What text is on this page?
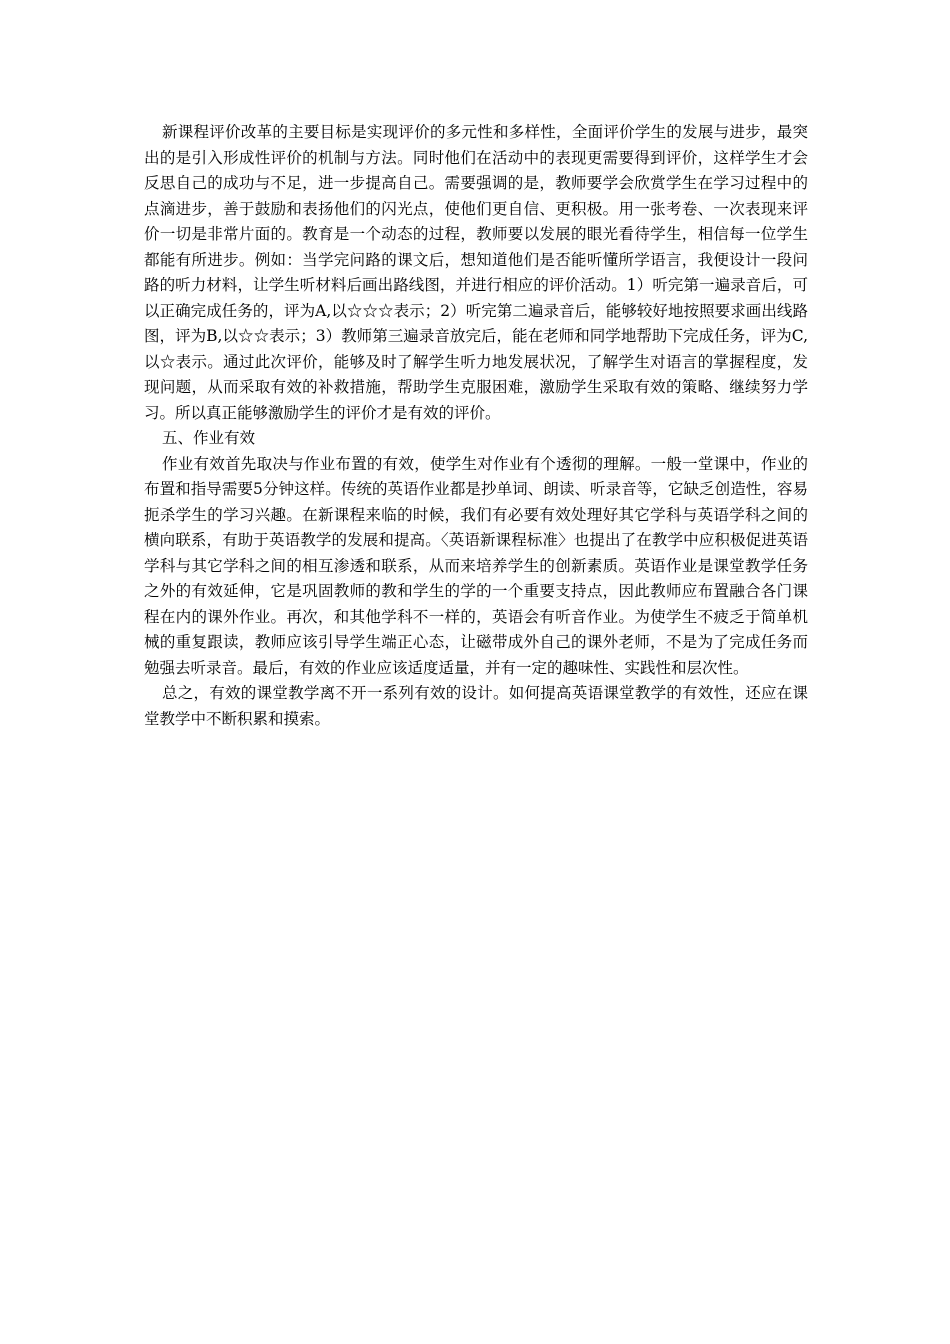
新课程评价改革的主要目标是实现评价的多元性和多样性，全面评价学生的发展与进步，最突出的是引入形成性评价的机制与方法。同时他们在活动中的表现更需要得到评价，这样学生才会反思自己的成功与不足，进一步提高自己。需要强调的是，教师要学会欣赏学生在学习过程中的点滴进步，善于鼓励和表扬他们的闪光点，使他们更自信、更积极。用一张考卷、一次表现来评价一切是非常片面的。教育是一个动态的过程，教师要以发展的眼光看待学生，相信每一位学生都能有所进步。例如：当学完问路的课文后，想知道他们是否能听懂所学语言，我便设计一段问路的听力材料，让学生听材料后画出路线图，并进行相应的评价活动。1）听完第一遍录音后，可以正确完成任务的，评为A,以☆☆☆表示；2）听完第二遍录音后，能够较好地按照要求画出线路图，评为B,以☆☆表示；3）教师第三遍录音放完后，能在老师和同学地帮助下完成任务，评为C,以☆表示。通过此次评价，能够及时了解学生听力地发展状况，了解学生对语言的掌握程度，发现问题，从而采取有效的补救措施，帮助学生克服困难，激励学生采取有效的策略、继续努力学习。所以真正能够激励学生的评价才是有效的评价。

五、作业有效

作业有效首先取决与作业布置的有效，使学生对作业有个透彻的理解。一般一堂课中，作业的布置和指导需要5分钟这样。传统的英语作业都是抄单词、朗读、听录音等，它缺乏创造性，容易扼杀学生的学习兴趣。在新课程来临的时候，我们有必要有效处理好其它学科与英语学科之间的横向联系，有助于英语教学的发展和提高。〈英语新课程标准〉也提出了在教学中应积极促进英语学科与其它学科之间的相互渗透和联系，从而来培养学生的创新素质。英语作业是课堂教学任务之外的有效延伸，它是巩固教师的教和学生的学的一个重要支持点，因此教师应布置融合各门课程在内的课外作业。再次，和其他学科不一样的，英语会有听音作业。为使学生不疲乏于简单机械的重复跟读，教师应该引导学生端正心态，让磁带成外自己的课外老师，不是为了完成任务而勉强去听录音。最后，有效的作业应该适度适量，并有一定的趣味性、实践性和层次性。

总之，有效的课堂教学离不开一系列有效的设计。如何提高英语课堂教学的有效性，还应在课堂教学中不断积累和摸索。
